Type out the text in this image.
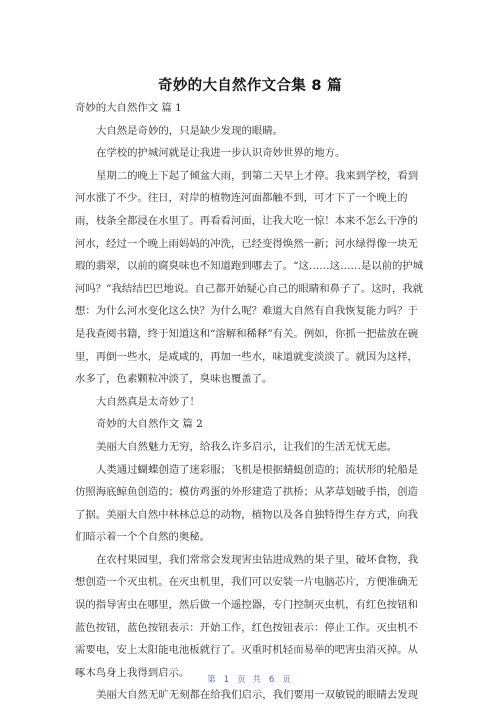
奇妙的大自然作文合集 8 篇

奇妙的大自然作文 篇 1

大自然是奇妙的，只是缺少发现的眼睛。

在学校的护城河就是让我进一步认识奇妙世界的地方。

星期二的晚上下起了倾盆大雨，到第二天早上才停。我来到学校，看到河水涨了不少。往日，对岸的植物连河面都触不到，可才下了一个晚上的雨，枝条全都浸在水里了。再看看河面，让我大吃一惊！本来不怎么干净的河水，经过一个晚上雨妈妈的冲洗，已经变得焕然一新；河水绿得像一块无瑕的翡翠，以前的腐臭味也不知道跑到哪去了。“这……这……是以前的护城河吗？”我结结巴巴地说。自己都开始疑心自己的眼睛和鼻子了。这时，我就想：为什么河水变化这么快？为什么呢？难道大自然有自我恢复能力吗？于是我查阅书籍，终于知道这和“溶解和稀释”有关。例如，你抓一把盐放在碗里，再倒一些水，是咸咸的，再加一些水，味道就变淡淡了。就因为这样，水多了，色素颗粒冲淡了，臭味也覆盖了。

大自然真是太奇妙了！

奇妙的大自然作文 篇 2

美丽大自然魅力无穷，给我么许多启示，让我们的生活无忧无虑。

人类通过蝴蝶创造了迷彩服；飞机是根据蜻蜓创造的；流状形的轮船是仿照海底鲸鱼创造的；模仿鸡蛋的外形建造了拱桥；从茅草划破手指，创造了据。美丽大自然中林林总总的动物，植物以及各自独特得生存方式，向我们暗示着一个个自然的奥秘。

在农村果园里，我们常常会发现害虫钻进成熟的果子里，破坏食物，我想创造一个灭虫机。在灭虫机里，我们可以安装一片电脑芯片，方便准确无误的指导害虫在哪里，然后做一个遥控器，专门控制灭虫机，有红色按钮和蓝色按钮，蓝色按钮表示：开始工作，红色按钮表示：停止工作。灭虫机不需要电，安上太阳能电池板就行了。灭重时机轻而易举的吧害虫消灭掉。从啄木鸟身上我得到启示。

美丽大自然无旷无刻都在给我们启示，我们要用一双敏锐的眼睛去发现

第 1 页 共 6 页
